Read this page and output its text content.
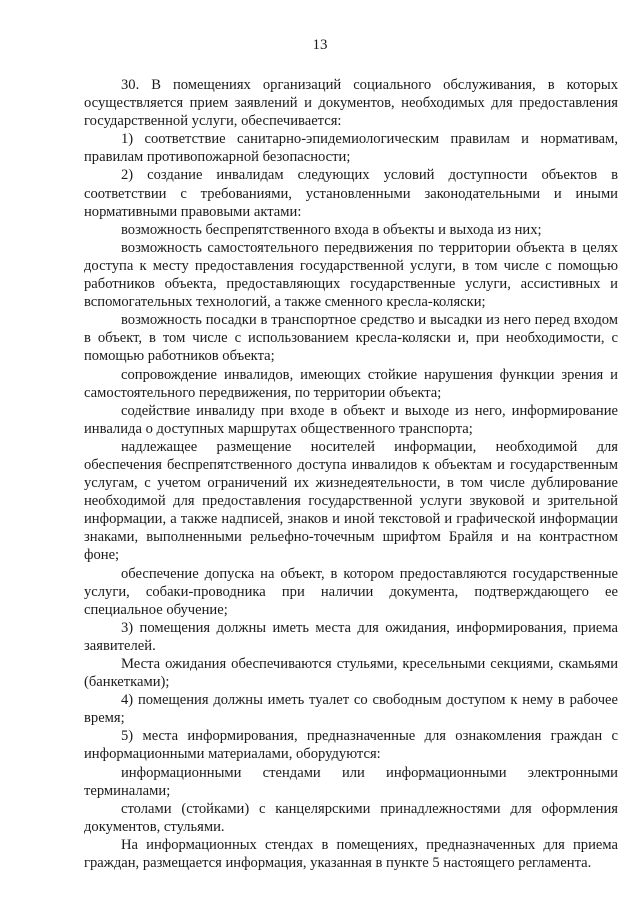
13

30. В помещениях организаций социального обслуживания, в которых осуществляется прием заявлений и документов, необходимых для предоставления государственной услуги, обеспечивается:

1) соответствие санитарно-эпидемиологическим правилам и нормативам, правилам противопожарной безопасности;

2) создание инвалидам следующих условий доступности объектов в соответствии с требованиями, установленными законодательными и иными нормативными правовыми актами:

возможность беспрепятственного входа в объекты и выхода из них;

возможность самостоятельного передвижения по территории объекта в целях доступа к месту предоставления государственной услуги, в том числе с помощью работников объекта, предоставляющих государственные услуги, ассистивных и вспомогательных технологий, а также сменного кресла-коляски;

возможность посадки в транспортное средство и высадки из него перед входом в объект, в том числе с использованием кресла-коляски и, при необходимости, с помощью работников объекта;

сопровождение инвалидов, имеющих стойкие нарушения функции зрения и самостоятельного передвижения, по территории объекта;

содействие инвалиду при входе в объект и выходе из него, информирование инвалида о доступных маршрутах общественного транспорта;

надлежащее размещение носителей информации, необходимой для обеспечения беспрепятственного доступа инвалидов к объектам и государственным услугам, с учетом ограничений их жизнедеятельности, в том числе дублирование необходимой для предоставления государственной услуги звуковой и зрительной информации, а также надписей, знаков и иной текстовой и графической информации знаками, выполненными рельефно-точечным шрифтом Брайля и на контрастном фоне;

обеспечение допуска на объект, в котором предоставляются государственные услуги, собаки-проводника при наличии документа, подтверждающего ее специальное обучение;

3) помещения должны иметь места для ожидания, информирования, приема заявителей.

Места ожидания обеспечиваются стульями, кресельными секциями, скамьями (банкетками);

4) помещения должны иметь туалет со свободным доступом к нему в рабочее время;

5) места информирования, предназначенные для ознакомления граждан с информационными материалами, оборудуются:

информационными стендами или информационными электронными терминалами;

столами (стойками) с канцелярскими принадлежностями для оформления документов, стульями.

На информационных стендах в помещениях, предназначенных для приема граждан, размещается информация, указанная в пункте 5 настоящего регламента.
